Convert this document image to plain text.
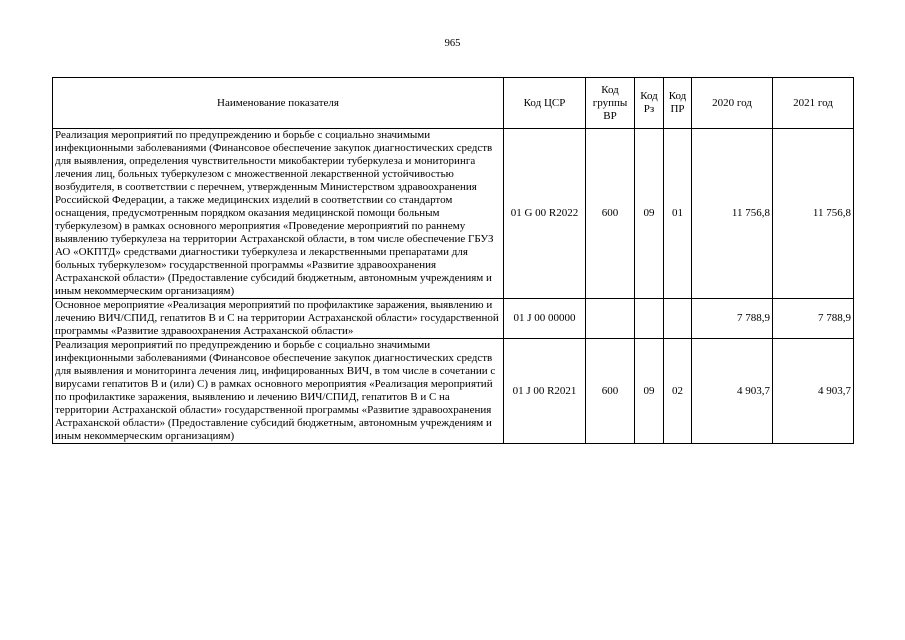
965
Наименование показателя	Код ЦСР	Код группы ВР	Код Рз	Код ПР	2020 год	2021 год
Реализация мероприятий по предупреждению и борьбе с социально значимыми инфекционными заболеваниями (Финансовое обеспечение закупок диагностических средств для выявления, определения чувствительности микобактерии туберкулеза и мониторинга лечения лиц, больных туберкулезом с множественной лекарственной устойчивостью возбудителя, в соответствии с перечнем, утвержденным Министерством здравоохранения Российской Федерации, а также медицинских изделий в соответствии со стандартом оснащения, предусмотренным порядком оказания медицинской помощи больным туберкулезом) в рамках основного мероприятия «Проведение мероприятий по раннему выявлению туберкулеза на территории Астраханской области, в том числе обеспечение ГБУЗ АО «ОКПТД» средствами диагностики туберкулеза и лекарственными препаратами для больных туберкулезом» государственной программы «Развитие здравоохранения Астраханской области» (Предоставление субсидий бюджетным, автономным учреждениям и иным некоммерческим организациям)	01 G 00 R2022	600	09	01	11 756,8	11 756,8
Основное мероприятие «Реализация мероприятий по профилактике заражения, выявлению и лечению ВИЧ/СПИД, гепатитов В и С на территории Астраханской области» государственной программы «Развитие здравоохранения Астраханской области»	01 J 00 00000				7 788,9	7 788,9
Реализация мероприятий по предупреждению и борьбе с социально значимыми инфекционными заболеваниями (Финансовое обеспечение закупок диагностических средств для выявления и мониторинга лечения лиц, инфицированных ВИЧ, в том числе в сочетании с вирусами гепатитов В и (или) С) в рамках основного мероприятия «Реализация мероприятий по профилактике заражения, выявлению и лечению ВИЧ/СПИД, гепатитов В и С на территории Астраханской области» государственной программы «Развитие здравоохранения Астраханской области» (Предоставление субсидий бюджетным, автономным учреждениям и иным некоммерческим организациям)	01 J 00 R2021	600	09	02	4 903,7	4 903,7
